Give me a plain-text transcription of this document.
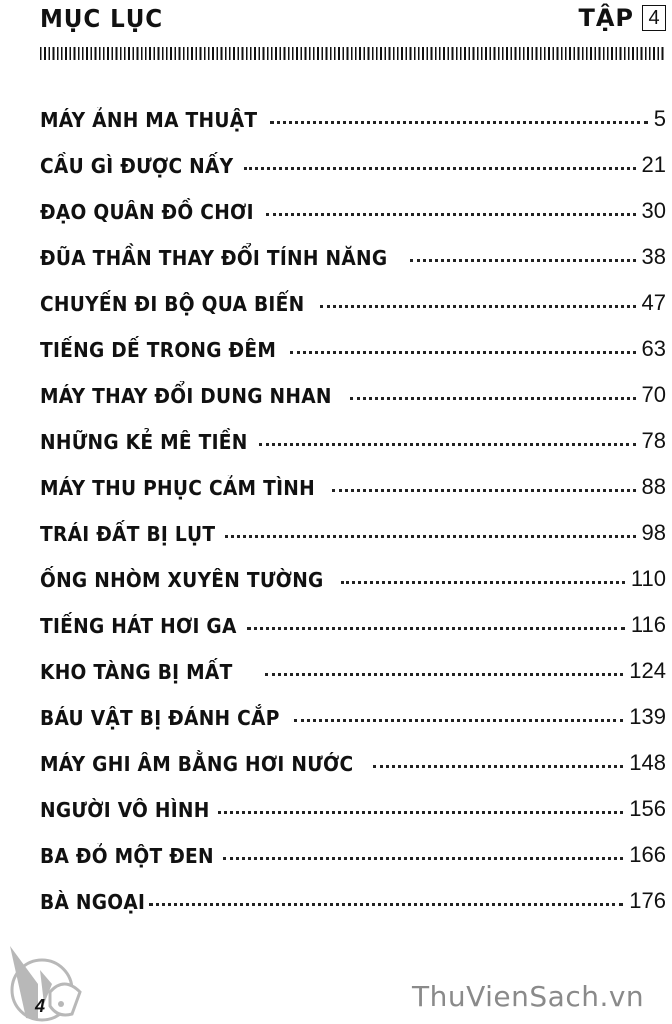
MỤC LỤC	TẬP 4
MÁY ẢNH MA THUẬT	5
CẦU GÌ ĐƯỢC NẤY	21
ĐẠO QUÂN ĐỒ CHƠI	30
ĐŨA THẦN THAY ĐỔI TÍNH NĂNG	38
CHUYẾN ĐI BỘ QUA BIỂN	47
TIẾNG DẾ TRONG ĐÊM	63
MÁY THAY ĐỔI DUNG NHAN	70
NHỮNG KẺ MÊ TIỀN	78
MÁY THU PHỤC CẢM TÌNH	88
TRÁI ĐẤT BỊ LỤT	98
ỐNG NHÒM XUYÊN TƯỜNG	110
TIẾNG HÁT HƠI GA	116
KHO TÀNG BỊ MẤT	124
BÁU VẬT BỊ ĐÁNH CẮP	139
MÁY GHI ÂM BẰNG HƠI NƯỚC	148
NGƯỜI VÔ HÌNH	156
BA ĐỎ MỘT ĐEN	166
BÀ NGOẠI	176
4	ThuVienSach.vn
